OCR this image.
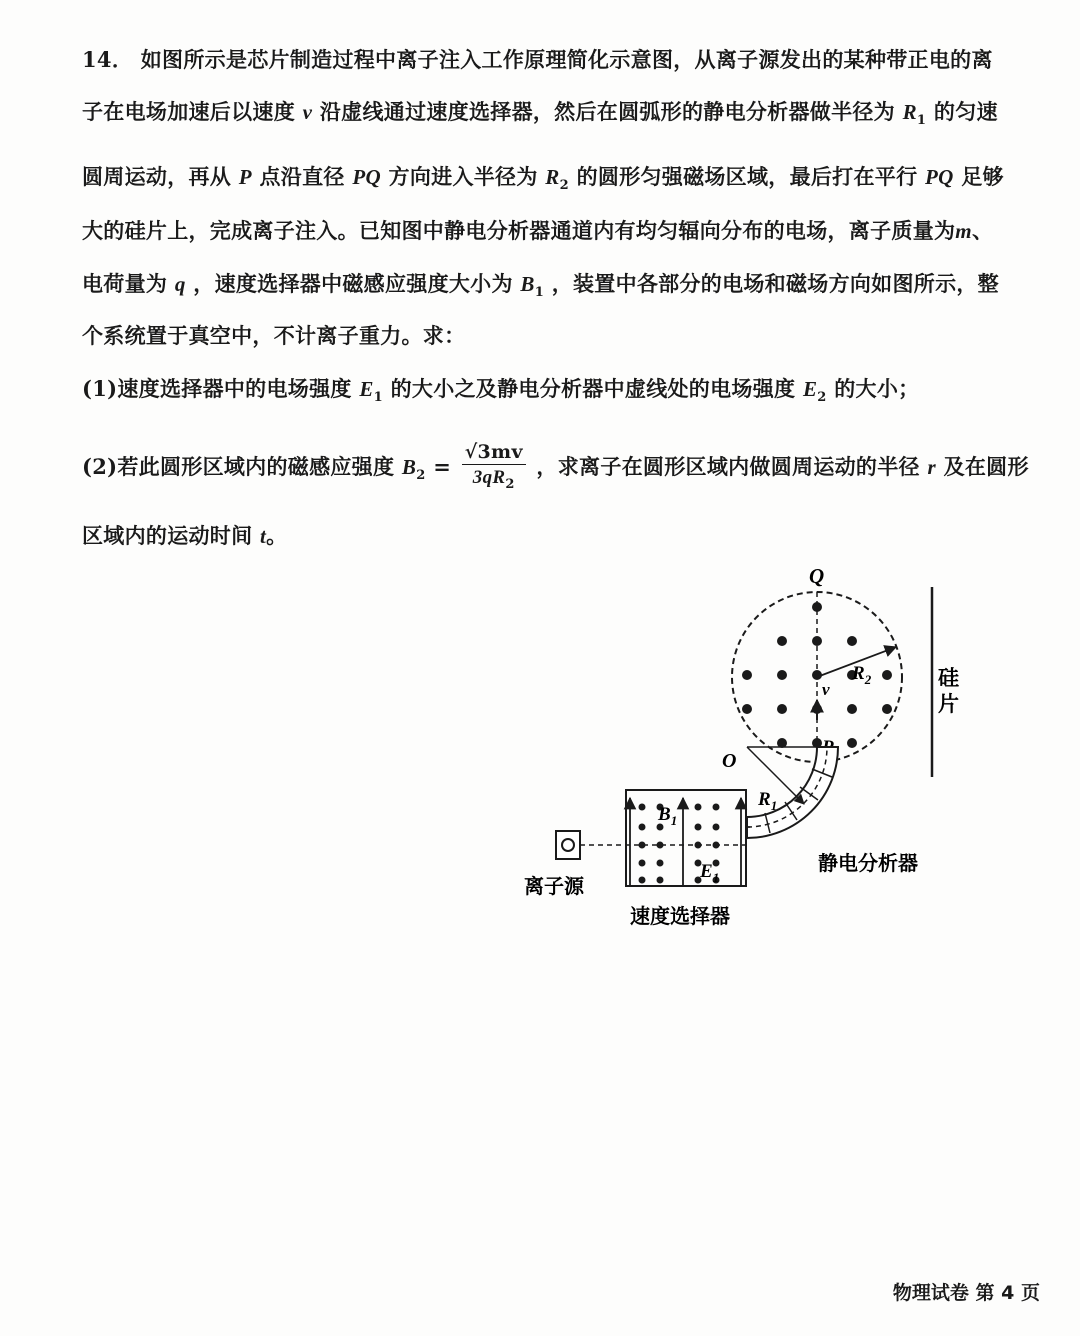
14． 如图所示是芯片制造过程中离子注入工作原理简化示意图，从离子源发出的某种带正电的离
子在电场加速后以速度 v 沿虚线通过速度选择器，然后在圆弧形的静电分析器做半径为 $R_1$ 的匀速
圆周运动，再从 P 点沿直径 PQ 方向进入半径为 $R_2$ 的圆形匀强磁场区域，最后打在平行 PQ 足够
大的硅片上，完成离子注入。已知图中静电分析器通道内有均匀辐向分布的电场，离子质量为m、
电荷量为 q ，速度选择器中磁感应强度大小为 $B_1$ ，装置中各部分的电场和磁场方向如图所示，整
个系统置于真空中，不计离子重力。求：
(1)速度选择器中的电场强度 $E_1$ 的大小之及静电分析器中虚线处的电场强度 $E_2$ 的大小；
(2)若此圆形区域内的磁感应强度 $B_2 = \frac{√3mv}{3qR_2}$ ，求离子在圆形区域内做圆周运动的半径 r 及在圆形
区域内的运动时间 t。
Q
v
$R_2$	硅
片
O
$R_1$
$B_1$
$E_1$
离子源
速度选择器
静电分析器
物理试卷 第 4 页
